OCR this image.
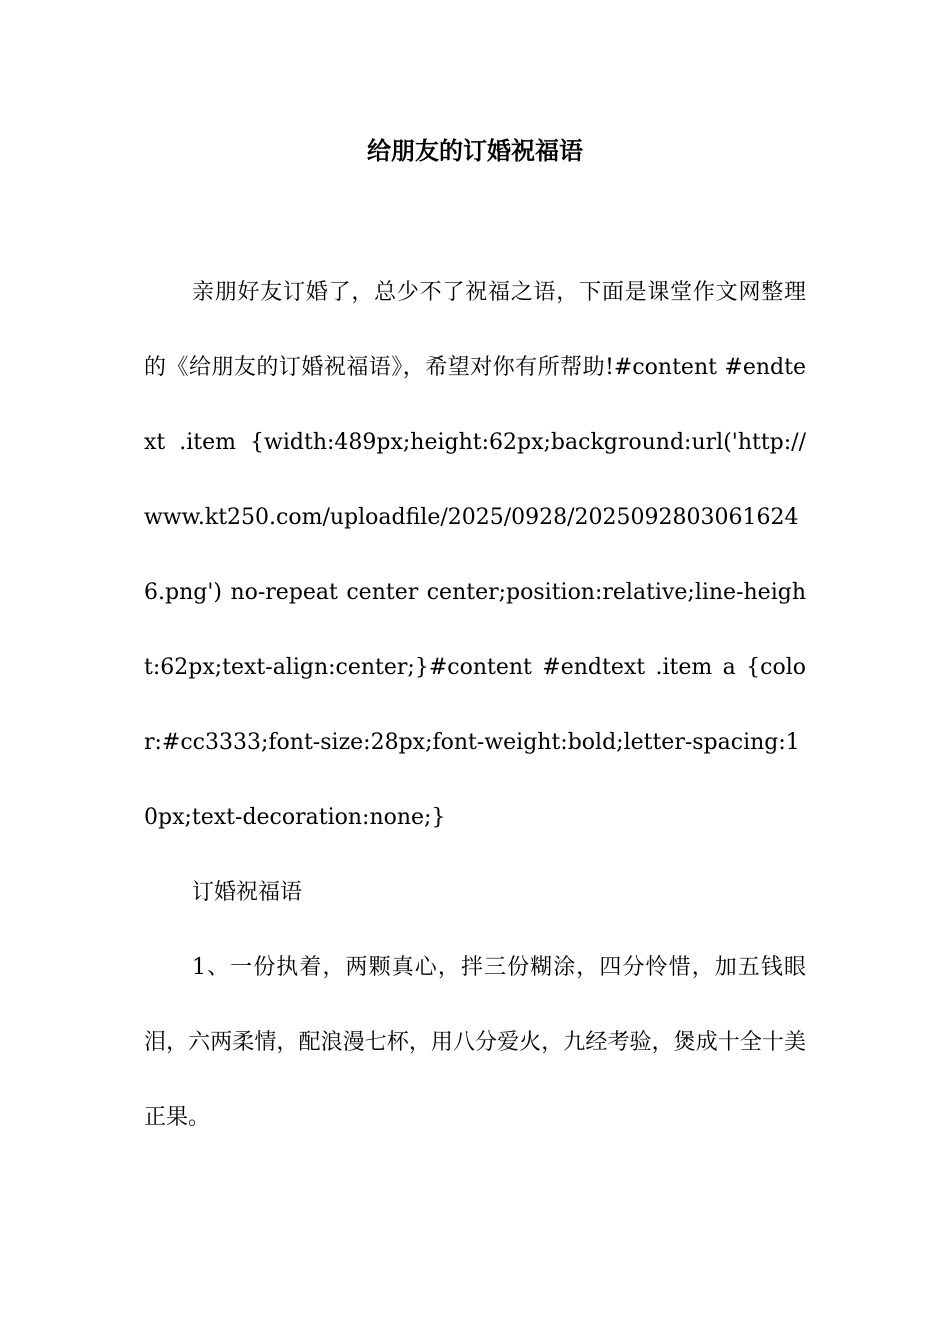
给朋友的订婚祝福语

亲朋好友订婚了，总少不了祝福之语，下面是课堂作文网整理的《给朋友的订婚祝福语》，希望对你有所帮助!#content #endtext .item {width:489px;height:62px;background:url('http://www.kt250.com/uploadfile/2025/0928/20250928030616246.png') no-repeat center center;position:relative;line-height:62px;text-align:center;}#content #endtext .item a {color:#cc3333;font-size:28px;font-weight:bold;letter-spacing:10px;text-decoration:none;}

订婚祝福语

1、一份执着，两颗真心，拌三份糊涂，四分怜惜，加五钱眼泪，六两柔情，配浪漫七杯，用八分爱火，九经考验，煲成十全十美正果。
